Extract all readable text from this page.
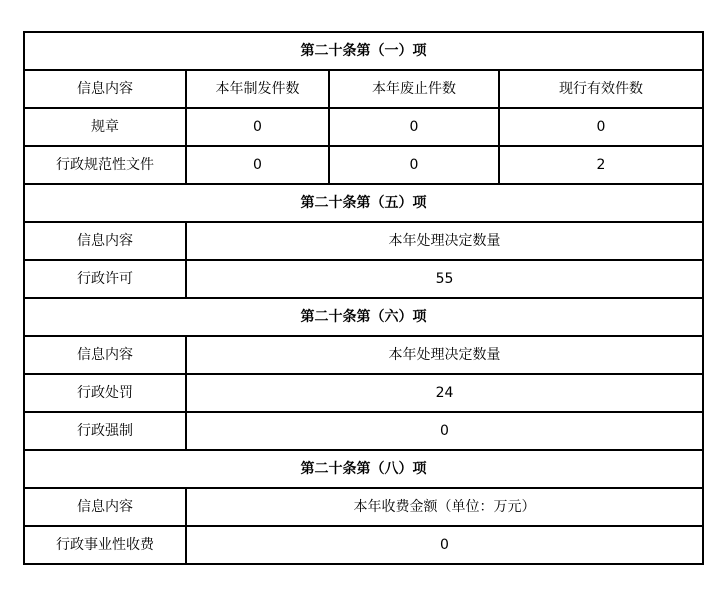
第二十条第（一）项			
信息内容	本年制发件数	本年废止件数	现行有效件数
规章	0	0	0
行政规范性文件	0	0	2
第二十条第（五）项			
信息内容	本年处理决定数量		
行政许可	55		
第二十条第（六）项			
信息内容	本年处理决定数量		
行政处罚	24		
行政强制	0		
第二十条第（八）项			
信息内容	本年收费金额（单位：万元）		
行政事业性收费	0		
